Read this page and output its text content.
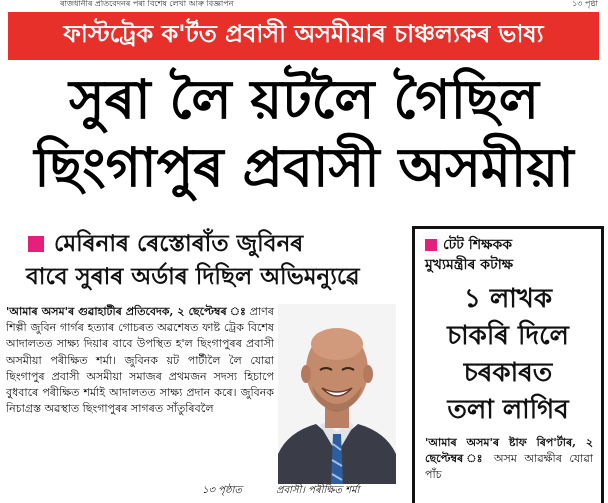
ৰাজধানীৰ প্ৰতিবেদনৰ পৰা বিশেষ লেখা আৰু বিজ্ঞাপন	১৩ পৃষ্ঠা
ফাস্টট্ৰেক ক'ৰ্টত প্ৰবাসী অসমীয়াৰ চাঞ্চল্যকৰ ভাষ্য
সুৰা লৈ য়টলৈ গৈছিল
ছিংগাপুৰ প্ৰবাসী অসমীয়া
মেৰিনাৰ ৰেস্তোৰাঁত জুবিনৰ
বাবে সুৰাৰ অৰ্ডাৰ দিছিল অভিমন্যুৱে
'আমাৰ অসম'ৰ গুৱাহাটীৰ প্ৰতিবেদক, ২ ছেপ্টেম্বৰ ঃ প্ৰাণৰ শিল্পী জুবিন গাৰ্গৰ হত্যাৰ গোচৰত অৱশেষত ফাষ্ট ট্ৰেক বিশেষ আদালতত সাক্ষ্য দিয়াৰ বাবে উপস্থিত হ'ল ছিংগাপুৰৰ প্ৰবাসী অসমীয়া পৰীক্ষিত শৰ্মা। জুবিনক য়ট পাৰ্টীলৈ লৈ যোৱা ছিংগাপুৰ প্ৰবাসী অসমীয়া সমাজৰ প্ৰথমজন সদস্য হিচাপে বুধবাৰে পৰীক্ষিত শৰ্মাই আদালতত সাক্ষ্য প্ৰদান কৰে। জুবিনক নিচাগ্ৰস্ত অৱস্থাত ছিংগাপুৰৰ সাগৰত সাঁতুৰিবলৈ
১৩ পৃষ্ঠাত	প্ৰবাসী। পৰীক্ষিত শৰ্মা
টেট শিক্ষকক
মুখ্যমন্ত্ৰীৰ কটাক্ষ
১ লাখক
চাকৰি দিলে
চৰকাৰত
তলা লাগিব
'আমাৰ অসম'ৰ ষ্টাফ ৰিপ'ৰ্টাৰ, ২ ছেপ্টেম্বৰ ঃ অসম আৱক্ষীৰ যোৱা পাঁচ
